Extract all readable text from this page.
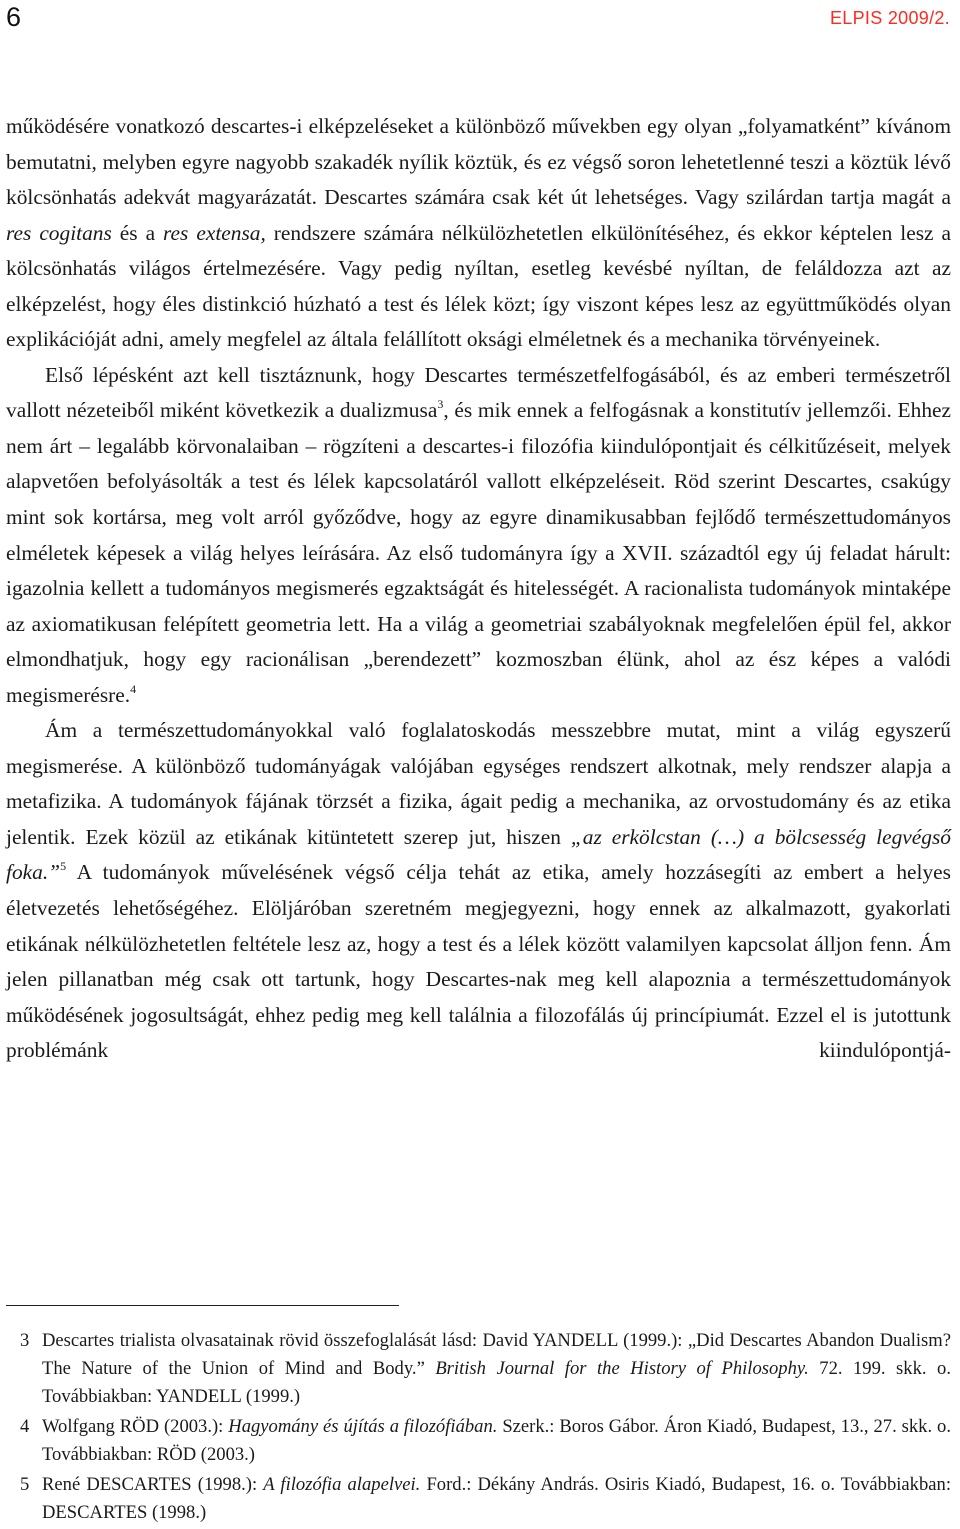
6	ELPIS 2009/2.

működésére vonatkozó descartes-i elképzeléseket a különböző művekben egy olyan „folyamatként” kívánom bemutatni, melyben egyre nagyobb szakadék nyílik köztük, és ez végső soron lehetetlenné teszi a köztük lévő kölcsönhatás adekvát magyarázatát. Descartes számára csak két út lehetséges. Vagy szilárdan tartja magát a res cogitans és a res extensa, rendszere számára nélkülözhetetlen elkülönítéséhez, és ekkor képtelen lesz a kölcsönhatás világos értelmezésére. Vagy pedig nyíltan, esetleg kevésbé nyíltan, de feláldozza azt az elképzelést, hogy éles distinkció húzható a test és lélek közt; így viszont képes lesz az együttműködés olyan explikációját adni, amely megfelel az általa felállított oksági elméletnek és a mechanika törvényeinek.

Első lépésként azt kell tisztáznunk, hogy Descartes természetfelfogásából, és az emberi természetről vallott nézeteiből miként következik a dualizmusa$^3$, és mik ennek a felfogásnak a konstitutív jellemzői. Ehhez nem árt – legalább körvonalaiban – rögzíteni a descartes-i filozófia kiindulópontjait és célkitűzéseit, melyek alapvetően befolyásolták a test és lélek kapcsolatáról vallott elképzeléseit. Röd szerint Descartes, csakúgy mint sok kortársa, meg volt arról győződve, hogy az egyre dinamikusabban fejlődő természettudományos elméletek képesek a világ helyes leírására. Az első tudományra így a XVII. századtól egy új feladat hárult: igazolnia kellett a tudományos megismerés egzaktságát és hitelességét. A racionalista tudományok mintaképe az axiomatikusan felépített geometria lett. Ha a világ a geometriai szabályoknak megfelelően épül fel, akkor elmondhatjuk, hogy egy racionálisan „berendezett” kozmoszban élünk, ahol az ész képes a valódi megismerésre.$^4$

Ám a természettudományokkal való foglalatoskodás messzebbre mutat, mint a világ egyszerű megismerése. A különböző tudományágak valójában egységes rendszert alkotnak, mely rendszer alapja a metafizika. A tudományok fájának törzsét a fizika, ágait pedig a mechanika, az orvostudomány és az etika jelentik. Ezek közül az etikának kitüntetett szerep jut, hiszen „az erkölcstan (…) a bölcsesség legvégső foka.”$^5$ A tudományok művelésének végső célja tehát az etika, amely hozzásegíti az embert a helyes életvezetés lehetőségéhez. Elöljáróban szeretném megjegyezni, hogy ennek az alkalmazott, gyakorlati etikának nélkülözhetetlen feltétele lesz az, hogy a test és a lélek között valamilyen kapcsolat álljon fenn. Ám jelen pillanatban még csak ott tartunk, hogy Descartes-nak meg kell alapoznia a természettudományok működésének jogosultságát, ehhez pedig meg kell találnia a filozofálás új princípiumát. Ezzel el is jutottunk problémánk kiindulópontjá-

3 Descartes trialista olvasatainak rövid összefoglalását lásd: David YANDELL (1999.): „Did Descartes Abandon Dualism? The Nature of the Union of Mind and Body.” British Journal for the History of Philosophy. 72. 199. skk. o. Továbbiakban: YANDELL (1999.)
4 Wolfgang RÖD (2003.): Hagyomány és újítás a filozófiában. Szerk.: Boros Gábor. Áron Kiadó, Budapest, 13., 27. skk. o. Továbbiakban: RÖD (2003.)
5 René DESCARTES (1998.): A filozófia alapelvei. Ford.: Dékány András. Osiris Kiadó, Budapest, 16. o. Továbbiakban: DESCARTES (1998.)
